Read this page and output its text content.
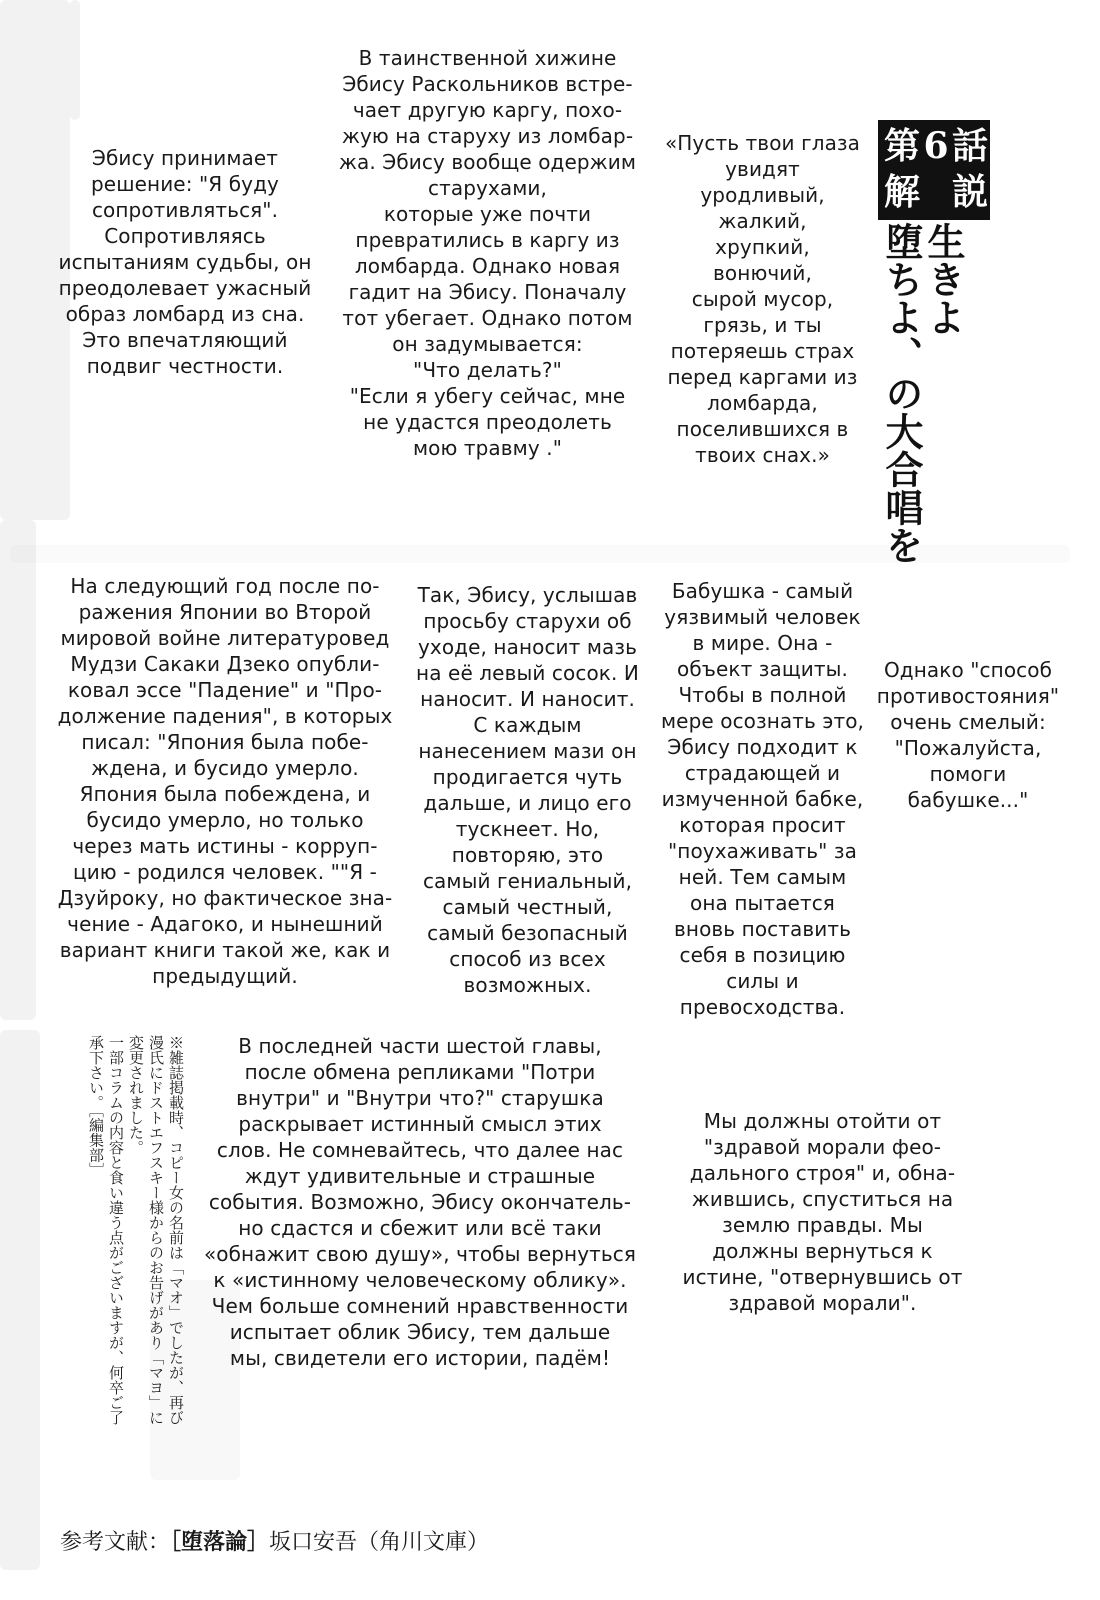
第 6 話
解 説
生きよ
堕ちよ、の大合唱を
Эбису принимает
решение: "Я буду
сопротивляться".
Сопротивляясь
испытаниям судьбы, он
преодолевает ужасный
образ ломбард из сна.
Это впечатляющий
подвиг честности.
В таинственной хижине
Эбису Раскольников встре-
чает другую каргу, похо-
жую на старуху из ломбар-
жа. Эбису вообще одержим
старухами,
которые уже почти
превратились в каргу из
ломбарда. Однако новая
гадит на Эбису. Поначалу
тот убегает. Однако потом
он задумывается:
"Что делать?"
"Если я убегу сейчас, мне
не удастся преодолеть
мою травму ."
«Пусть твои глаза
увидят
уродливый,
жалкий,
хрупкий,
вонючий,
сырой мусор,
грязь, и ты
потеряешь страх
перед каргами из
ломбарда,
поселившихся в
твоих снах.»
На следующий год после по-
ражения Японии во Второй
мировой войне литературовед
Мудзи Сакаки Дзеко опубли-
ковал эссе "Падение" и "Про-
должение падения", в которых
писал: "Япония была побе-
ждена, и бусидо умерло.
Япония была побеждена, и
бусидо умерло, но только
через мать истины - корруп-
цию - родился человек. ""Я -
Дзуйроку, но фактическое зна-
чение - Адагоко, и нынешний
вариант книги такой же, как и
предыдущий.
Так, Эбису, услышав
просьбу старухи об
уходе, наносит мазь
на её левый сосок. И
наносит. И наносит.
С каждым
нанесением мази он
продигается чуть
дальше, и лицо его
тускнеет. Но,
повторяю, это
самый гениальный,
самый честный,
самый безопасный
способ из всех
возможных.
Бабушка - самый
уязвимый человек
в мире. Она -
объект защиты.
Чтобы в полной
мере осознать это,
Эбису подходит к
страдающей и
измученной бабке,
которая просит
"поухаживать" за
ней. Тем самым
она пытается
вновь поставить
себя в позицию
силы и
превосходства.
Однако "способ
противостояния"
очень смелый:
"Пожалуйста,
помоги
бабушке..."
В последней части шестой главы,
после обмена репликами "Потри
внутри" и "Внутри что?" старушка
раскрывает истинный смысл этих
слов. Не сомневайтесь, что далее нас
ждут удивительные и страшные
события. Возможно, Эбису окончатель-
но сдастся и сбежит или всё таки
«обнажит свою душу», чтобы вернуться
к «истинному человеческому облику».
Чем больше сомнений нравственности
испытает облик Эбису, тем дальше
мы, свидетели его истории, падём!
Мы должны отойти от
"здравой морали фео-
дального строя" и, обна-
жившись, спуститься на
землю правды. Мы
должны вернуться к
истине, "отвернувшись от
здравой морали".
※雑誌掲載時、コピー女の名前は「マオ」でしたが、再び
漫氏にドストエフスキー様からのお告げがあり「マヨ」に
変更されました。
一部コラムの内容と食い違う点がございますが、何卒ご了
承下さい。［編集部］
参考文献：［堕落論］坂口安吾（角川文庫）
